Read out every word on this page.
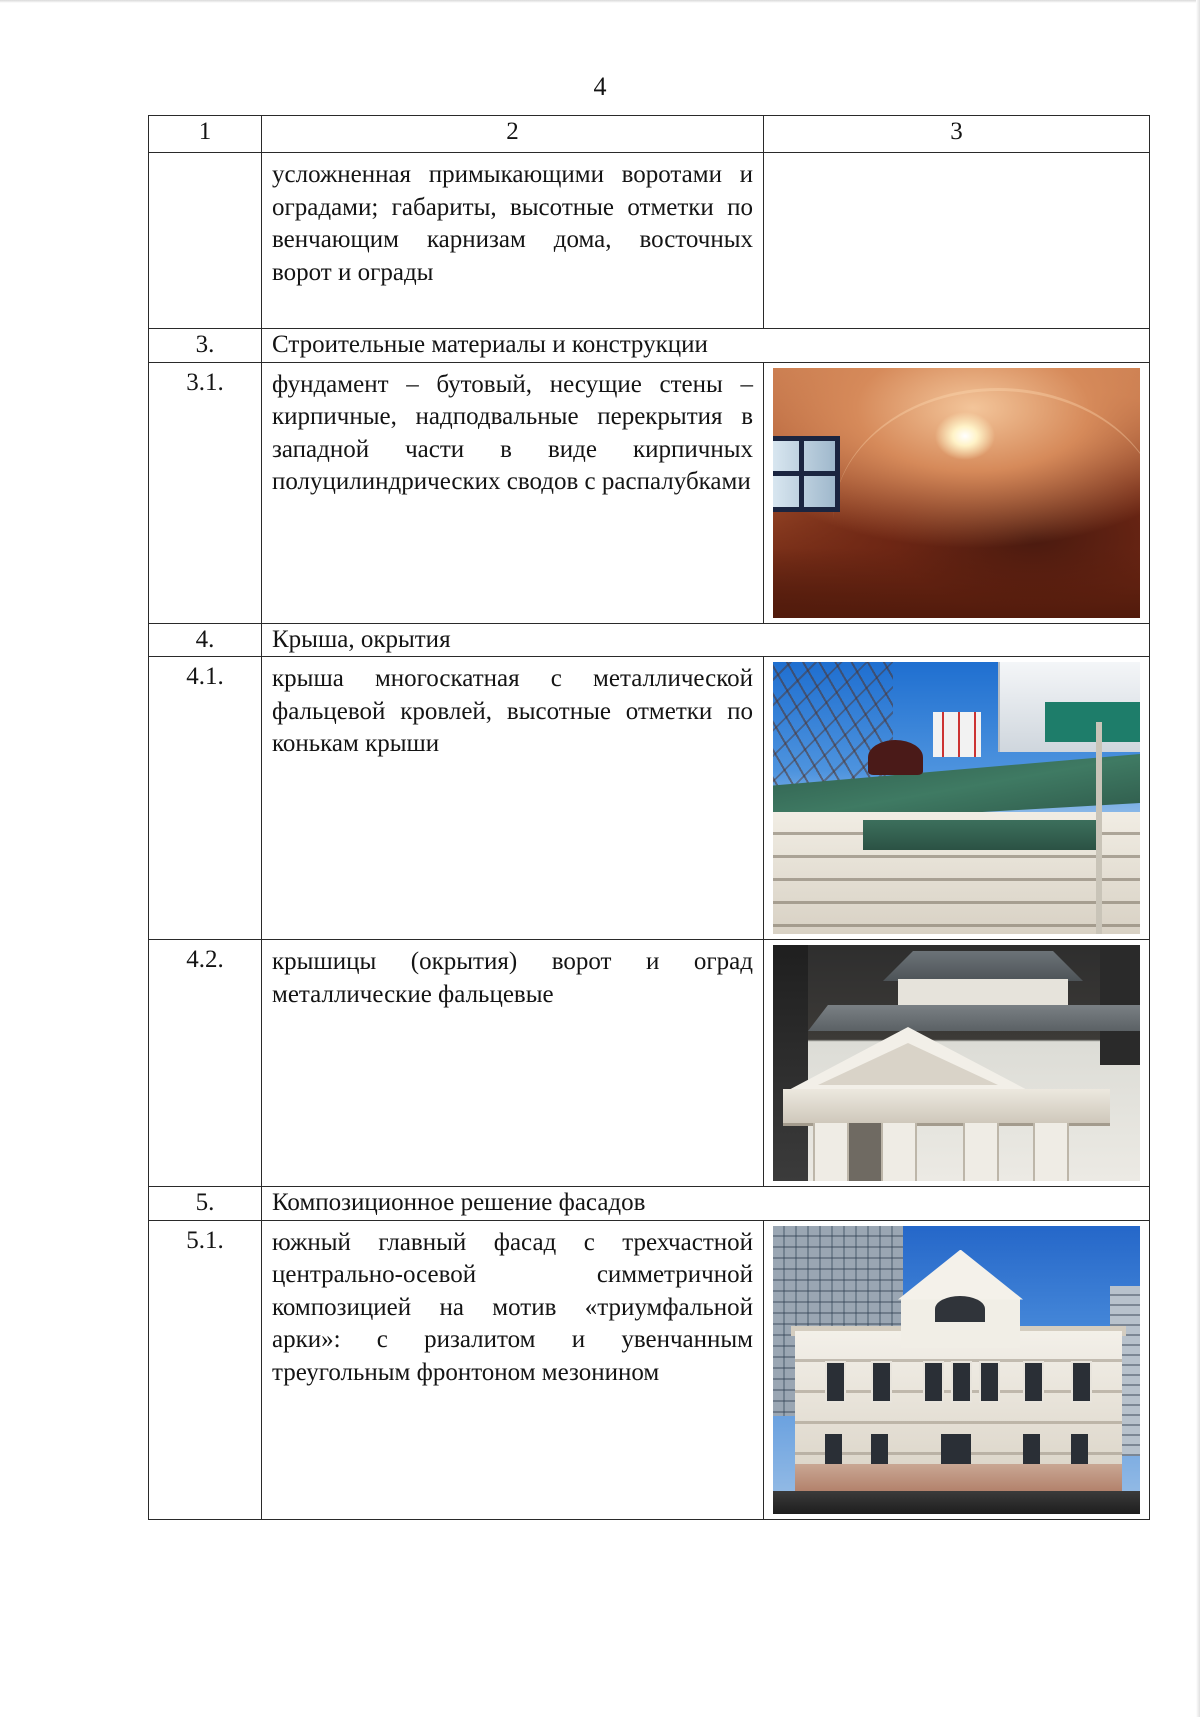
4
1	2	3
	усложненная примыкающими воротами и оградами; габариты, высотные отметки по венчающим карнизам дома, восточных ворот и ограды	
3.	Строительные материалы и конструкции	
3.1.	фундамент – бутовый, несущие стены – кирпичные, надподвальные перекрытия в западной части в виде кирпичных полуцилиндрических сводов с распалубками	

4.	Крыша, окрытия	
4.1.	крыша многоскатная с металлической фальцевой кровлей, высотные отметки по конькам крыши	

4.2.	крышицы (окрытия) ворот и оград металлические фальцевые	

5.	Композиционное решение фасадов	
5.1.	южный главный фасад с трехчастной центрально-осевой симметричной композицией на мотив «триумфальной арки»: с ризалитом и увенчанным треугольным фронтоном мезонином	
